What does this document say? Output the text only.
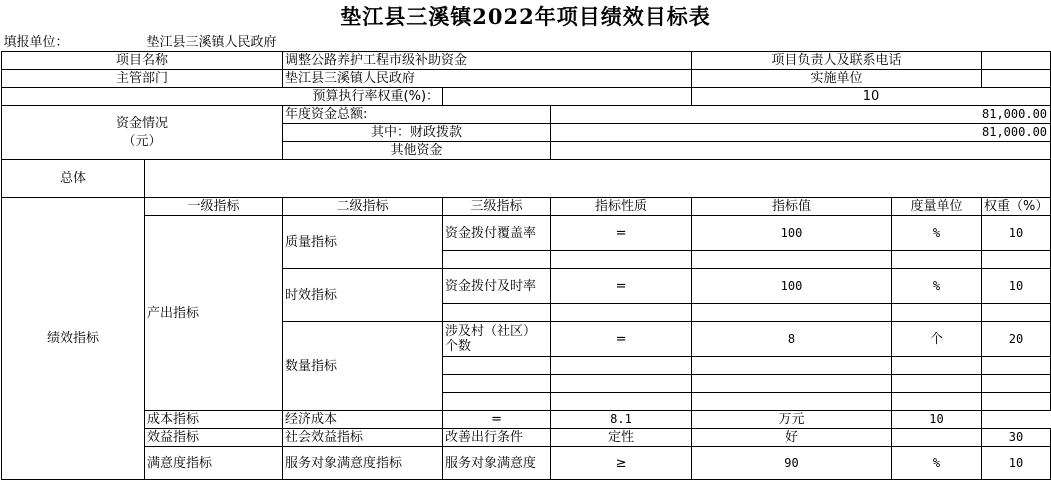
垫江县三溪镇2022年项目绩效目标表
填报单位：	垫江县三溪镇人民政府						
项目名称		调整公路养护工程市级补助资金			项目负责人及联系电话		
主管部门		垫江县三溪镇人民政府			实施单位		
预算执行率权重(%)：					10		
资金情况
（元）		年度资金总额:		81,000.00			
		其中：财政拨款		81,000.00			
		其他资金					
总体							
绩效指标	一级指标	二级指标	三级指标	指标性质	指标值	度量单位	权重（%）
	产出指标	质量指标	资金拨付覆盖率	=	100	%	10

		时效指标	资金拨付及时率	=	100	%	10

		数量指标	涉及村（社区）个数	=	8	个	20

	成本指标	经济成本	=	8.1	万元	10	
	效益指标	社会效益指标	改善出行条件	定性	好		30
	满意度指标	服务对象满意度指标	服务对象满意度	≥	90	%	10
